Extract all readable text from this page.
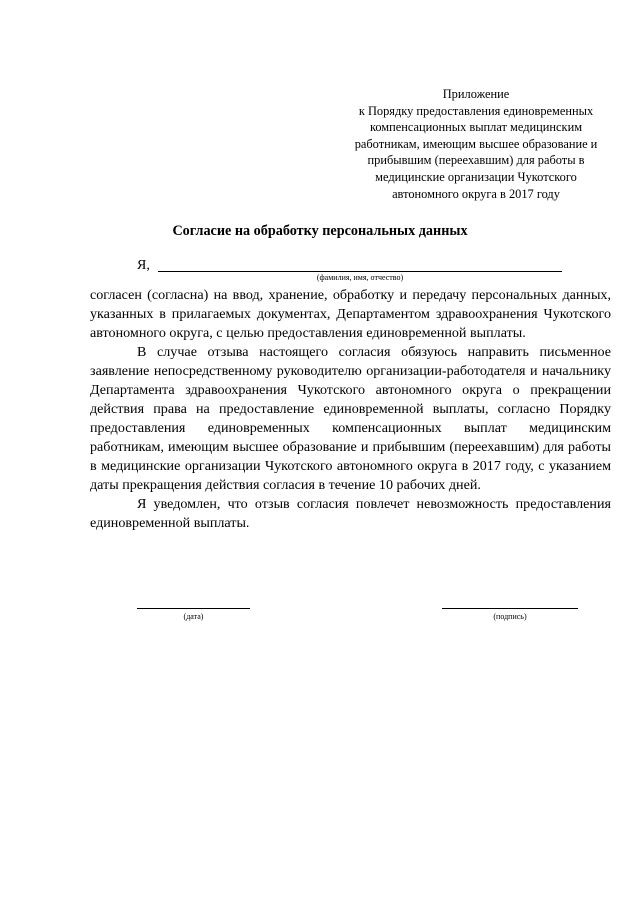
Приложение
к Порядку предоставления единовременных
компенсационных выплат медицинским
работникам, имеющим высшее образование и
прибывшим (переехавшим) для работы в
медицинские организации Чукотского
автономного округа в 2017 году
Согласие на обработку персональных данных
Я,
(фамилия, имя, отчество)

согласен (согласна) на ввод, хранение, обработку и передачу персональных данных, указанных в прилагаемых документах, Департаментом здравоохранения Чукотского автономного округа, с целью предоставления единовременной выплаты.

В случае отзыва настоящего согласия обязуюсь направить письменное заявление непосредственному руководителю организации-работодателя и начальнику Департамента здравоохранения Чукотского автономного округа о прекращении действия права на предоставление единовременной выплаты, согласно Порядку предоставления единовременных компенсационных выплат медицинским работникам, имеющим высшее образование и прибывшим (переехавшим) для работы в медицинские организации Чукотского автономного округа в 2017 году, с указанием даты прекращения действия согласия в течение 10 рабочих дней.

Я уведомлен, что отзыв согласия повлечет невозможность предоставления единовременной выплаты.

(дата)	(подпись)
